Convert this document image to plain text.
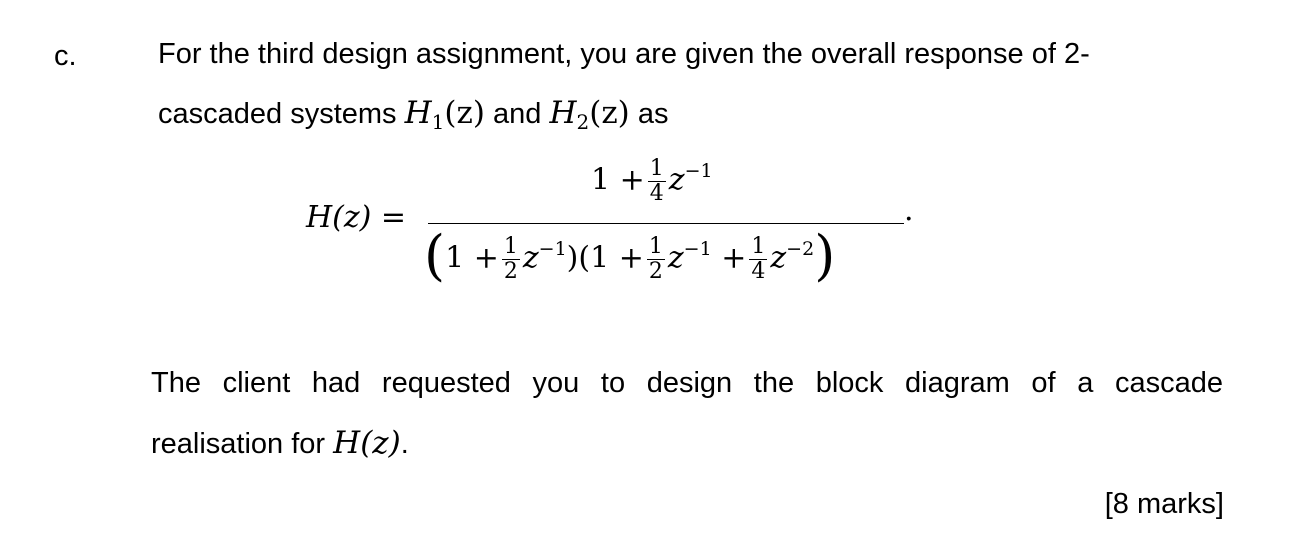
c.	For the third design assignment, you are given the overall response of 2-
cascaded systems $H_1(z)$ and $H_2(z)$ as
H(z) =
$1 + \frac{1}{4} z^{-1}$
.
$(1 + \frac{1}{2} z^{-1})(1 + \frac{1}{2} z^{-1} + \frac{1}{4} z^{-2})$
The client had requested you to design the block diagram of a cascade
realisation for H(z).
[8 marks]
